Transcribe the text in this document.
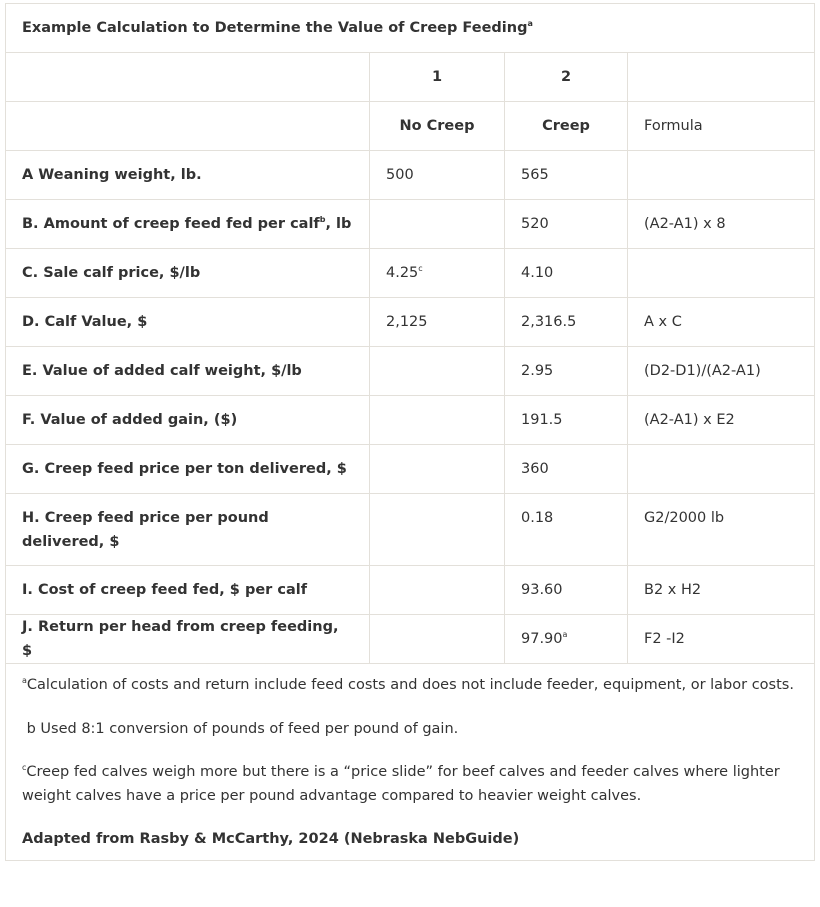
Example Calculation to Determine the Value of Creep Feeding$^a$
	1	2	
	No Creep	Creep	Formula
A Weaning weight, lb.	500	565	
B. Amount of creep feed fed per calf$^b$, lb		520	(A2-A1) x 8
C. Sale calf price, $/lb	4.25$^c$	4.10	
D. Calf Value, $	2,125	2,316.5	A x C
E. Value of added calf weight, $/lb		2.95	(D2-D1)/(A2-A1)
F. Value of added gain, ($)		191.5	(A2-A1) x E2
G. Creep feed price per ton delivered, $		360	
H. Creep feed price per pound delivered, $		0.18	G2/2000 lb
I. Cost of creep feed fed, $ per calf		93.60	B2 x H2
J. Return per head from creep feeding, $		97.90$^a$	F2 -I2

$^a$Calculation of costs and return include feed costs and does not include feeder, equipment, or labor costs.

b Used 8:1 conversion of pounds of feed per pound of gain.

$^c$Creep fed calves weigh more but there is a “price slide” for beef calves and feeder calves where lighter weight calves have a price per pound advantage compared to heavier weight calves.

Adapted from Rasby & McCarthy, 2024 (Nebraska NebGuide)			
